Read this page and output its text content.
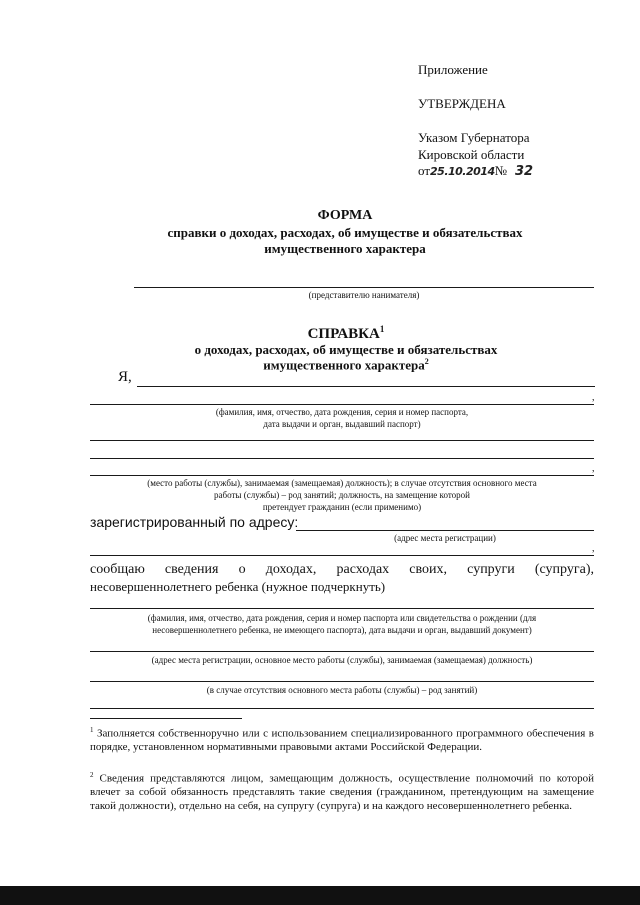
Приложение
УТВЕРЖДЕНА
Указом Губернатора
Кировской области
от25.10.2014№ 32
ФОРМА
справки о доходах, расходах, об имуществе и обязательствах
имущественного характера
(представителю нанимателя)
СПРАВКА$^1$
о доходах, расходах, об имуществе и обязательствах
имущественного характера$^2$
Я,
,
(фамилия, имя, отчество, дата рождения, серия и номер паспорта,
дата выдачи и орган, выдавший паспорт)
,
(место работы (службы), занимаемая (замещаемая) должность); в случае отсутствия основного места
работы (службы) – род занятий; должность, на замещение которой
претендует гражданин (если применимо)
зарегистрированный по адресу:
(адрес места регистрации)
,
сообщаю сведения о доходах, расходах своих, супруги (супруга),
несовершеннолетнего ребенка (нужное подчеркнуть)
(фамилия, имя, отчество, дата рождения, серия и номер паспорта или свидетельства о рождении (для
несовершеннолетнего ребенка, не имеющего паспорта), дата выдачи и орган, выдавший документ)
(адрес места регистрации, основное место работы (службы), занимаемая (замещаемая) должность)
(в случае отсутствия основного места работы (службы) – род занятий)
$^1$ Заполняется собственноручно или с использованием специализированного программного обеспечения в порядке, установленном нормативными правовыми актами Российской Федерации.
$^2$ Сведения представляются лицом, замещающим должность, осуществление полномочий по которой влечет за собой обязанность представлять такие сведения (гражданином, претендующим на замещение такой должности), отдельно на себя, на супругу (супруга) и на каждого несовершеннолетнего ребенка.
